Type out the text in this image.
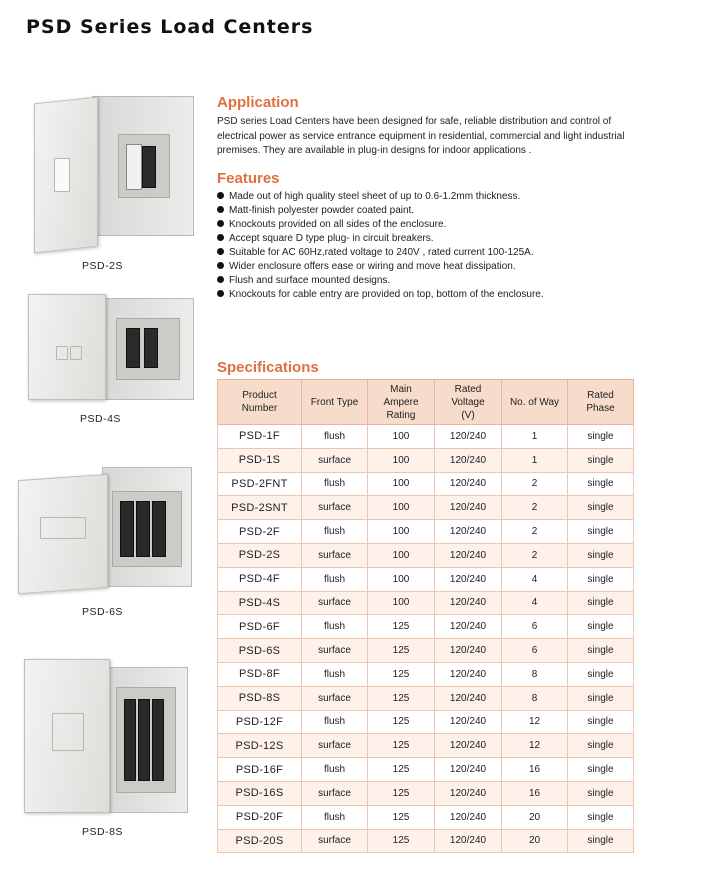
PSD Series Load Centers
PSD-2S
PSD-4S
PSD-6S
PSD-8S
Application

PSD series Load Centers have been designed for safe, reliable distribution and control of electrical power as service entrance equipment in residential, commercial and light industrial premises. They are available in plug-in designs for indoor applications .

Features
Made out of high quality steel sheet of up to 0.6-1.2mm thickness.
Matt-finish polyester powder coated paint.
Knockouts provided on all sides of the enclosure.
Accept square D type plug- in circuit breakers.
Suitable for AC 60Hz,rated voltage to 240V , rated current 100-125A.
Wider enclosure offers ease or wiring and move heat dissipation.
Flush and surface mounted designs.
Knockouts for cable entry are provided on top, bottom of the enclosure.
Specifications
Product
Number	Front Type	Main
Ampere
Rating	Rated
Voltage
(V)	No. of Way	Rated
Phase
PSD-1F	flush	100	120/240	1	single
PSD-1S	surface	100	120/240	1	single
PSD-2FNT	flush	100	120/240	2	single
PSD-2SNT	surface	100	120/240	2	single
PSD-2F	flush	100	120/240	2	single
PSD-2S	surface	100	120/240	2	single
PSD-4F	flush	100	120/240	4	single
PSD-4S	surface	100	120/240	4	single
PSD-6F	flush	125	120/240	6	single
PSD-6S	surface	125	120/240	6	single
PSD-8F	flush	125	120/240	8	single
PSD-8S	surface	125	120/240	8	single
PSD-12F	flush	125	120/240	12	single
PSD-12S	surface	125	120/240	12	single
PSD-16F	flush	125	120/240	16	single
PSD-16S	surface	125	120/240	16	single
PSD-20F	flush	125	120/240	20	single
PSD-20S	surface	125	120/240	20	single
